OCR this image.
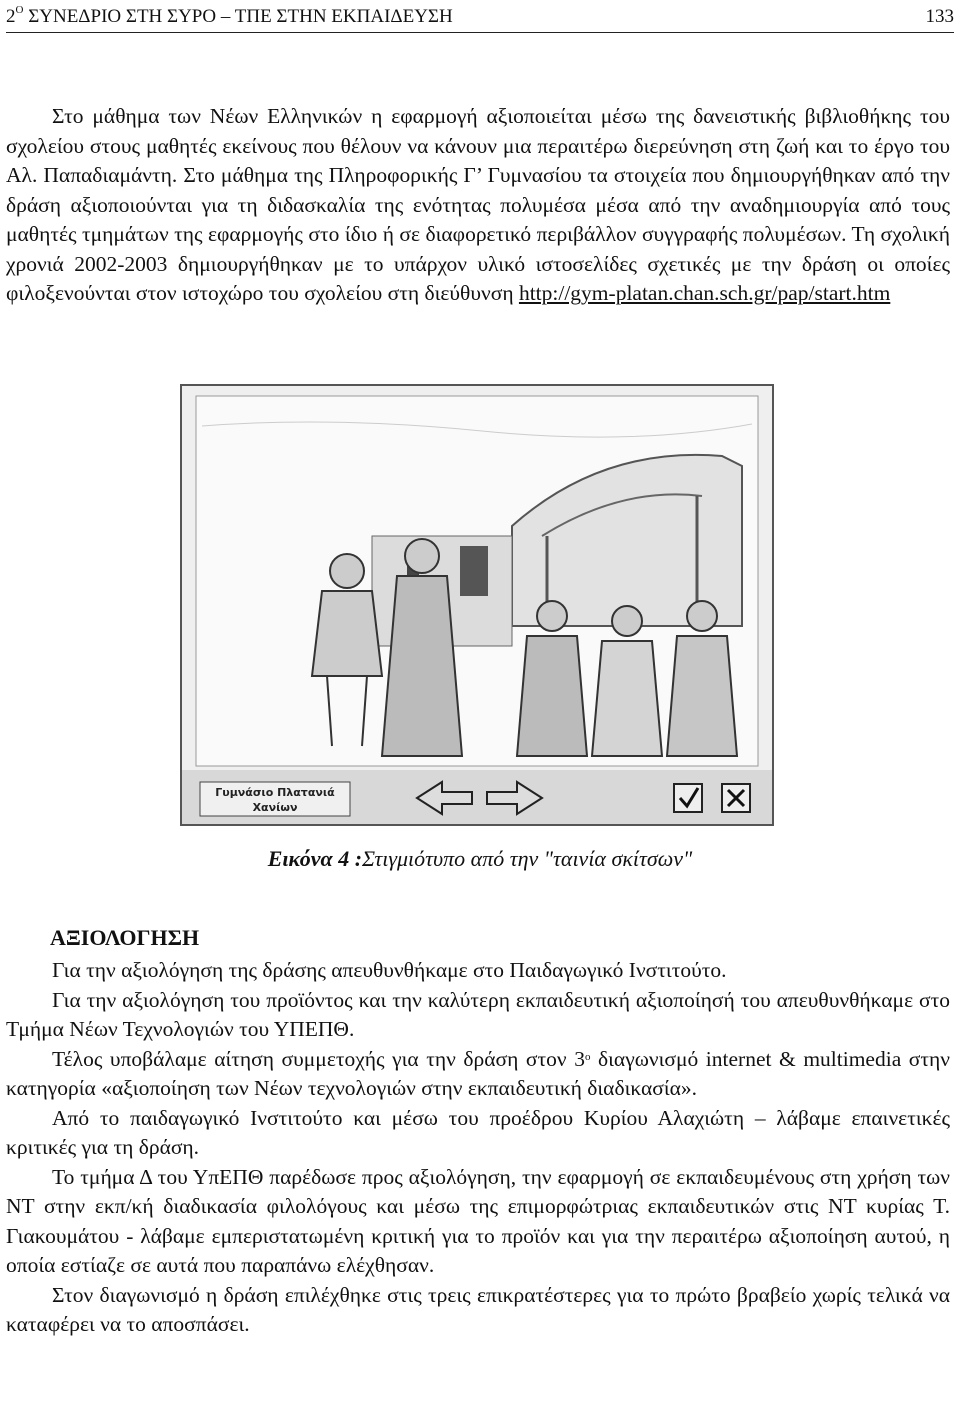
$2^O$ ΣΥΝΕΔΡΙΟ ΣΤΗ ΣΥΡΟ – ΤΠΕ ΣΤΗΝ ΕΚΠΑΙΔΕΥΣΗ	133
Στο μάθημα των Νέων Ελληνικών η εφαρμογή αξιοποιείται μέσω της δανειστικής βιβλιοθήκης του σχολείου στους μαθητές εκείνους που θέλουν να κάνουν μια περαιτέρω διερεύνηση στη ζωή και το έργο του Αλ. Παπαδιαμάντη. Στο μάθημα της Πληροφορικής Γ’ Γυμνασίου τα στοιχεία που δημιουργήθηκαν από την δράση αξιοποιούνται για τη διδασκαλία της ενότητας πολυμέσα μέσα από την αναδημιουργία από τους μαθητές τμημάτων της εφαρμογής στο ίδιο ή σε διαφορετικό περιβάλλον συγγραφής πολυμέσων. Τη σχολική χρονιά 2002-2003 δημιουργήθηκαν με το υπάρχον υλικό ιστοσελίδες σχετικές με την δράση οι οποίες φιλοξενούνται στον ιστοχώρο του σχολείου στη διεύθυνση http://gym-platan.chan.sch.gr/pap/start.htm
Γυμνάσιο Πλατανιά
Χανίων
Εικόνα 4 :Στιγμιότυπο από την "ταινία σκίτσων"
ΑΞΙΟΛΟΓΗΣΗ
Για την αξιολόγηση της δράσης απευθυνθήκαμε στο Παιδαγωγικό Ινστιτούτο.
Για την αξιολόγηση του προϊόντος και την καλύτερη εκπαιδευτική αξιοποίησή του απευθυνθήκαμε στο Τμήμα Νέων Τεχνολογιών του ΥΠΕΠΘ.
Τέλος υποβάλαμε αίτηση συμμετοχής για την δράση στον $3^o$ διαγωνισμό internet & multimedia στην κατηγορία «αξιοποίηση των Νέων τεχνολογιών στην εκπαιδευτική διαδικασία».
Από το παιδαγωγικό Ινστιτούτο και μέσω του προέδρου Κυρίου Αλαχιώτη – λάβαμε επαινετικές κριτικές για τη δράση.
Το τμήμα Δ του ΥπΕΠΘ παρέδωσε προς αξιολόγηση, την εφαρμογή σε εκπαιδευμένους στη χρήση των ΝΤ στην εκπ/κή διαδικασία φιλολόγους και μέσω της επιμορφώτριας εκπαιδευτικών στις ΝΤ κυρίας Τ. Γιακουμάτου - λάβαμε εμπεριστατωμένη κριτική για το προϊόν και για την περαιτέρω αξιοποίηση αυτού, η οποία εστίαζε σε αυτά που παραπάνω ελέχθησαν.
Στον διαγωνισμό η δράση επιλέχθηκε στις τρεις επικρατέστερες για το πρώτο βραβείο χωρίς τελικά να καταφέρει να το αποσπάσει.
